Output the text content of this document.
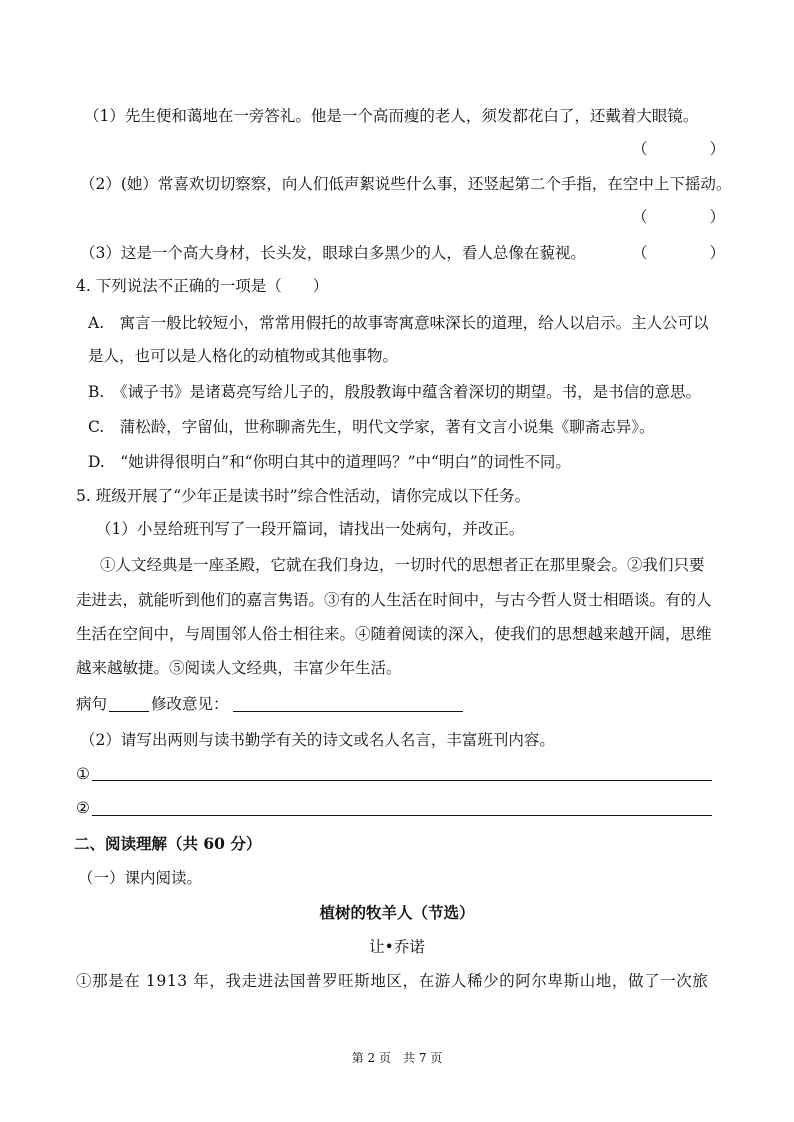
（1）先生便和蔼地在一旁答礼。他是一个高而瘦的老人，须发都花白了，还戴着大眼镜。
（　　　　）
（2）(她）常喜欢切切察察，向人们低声絮说些什么事，还竖起第二个手指，在空中上下摇动。
（　　　　）
（3）这是一个高大身材，长头发，眼球白多黑少的人，看人总像在藐视。	（　　　　）
4. 下列说法不正确的一项是（　　）
A.　寓言一般比较短小，常常用假托的故事寄寓意味深长的道理，给人以启示。主人公可以
是人，也可以是人格化的动植物或其他事物。
B.　《诫子书》是诸葛亮写给儿子的，殷殷教诲中蕴含着深切的期望。书，是书信的意思。
C.　蒲松龄，字留仙，世称聊斋先生，明代文学家，著有文言小说集《聊斋志异》。
D.　“她讲得很明白”和“你明白其中的道理吗？”中“明白”的词性不同。
5. 班级开展了“少年正是读书时”综合性活动，请你完成以下任务。
（1）小昱给班刊写了一段开篇词，请找出一处病句，并改正。
①人文经典是一座圣殿，它就在我们身边，一切时代的思想者正在那里聚会。②我们只要
走进去，就能听到他们的嘉言隽语。③有的人生活在时间中，与古今哲人贤士相晤谈。有的人
生活在空间中，与周围邻人俗士相往来。④随着阅读的深入，使我们的思想越来越开阔，思维
越来越敏捷。⑤阅读人文经典，丰富少年生活。
病句	修改意见：
（2）请写出两则与读书勤学有关的诗文或名人名言，丰富班刊内容。
①
②
二、阅读理解（共 60 分）
（一）课内阅读。
植树的牧羊人（节选）
让•乔诺
①那是在 1913 年，我走进法国普罗旺斯地区，在游人稀少的阿尔卑斯山地，做了一次旅
第 2 页　共 7 页
